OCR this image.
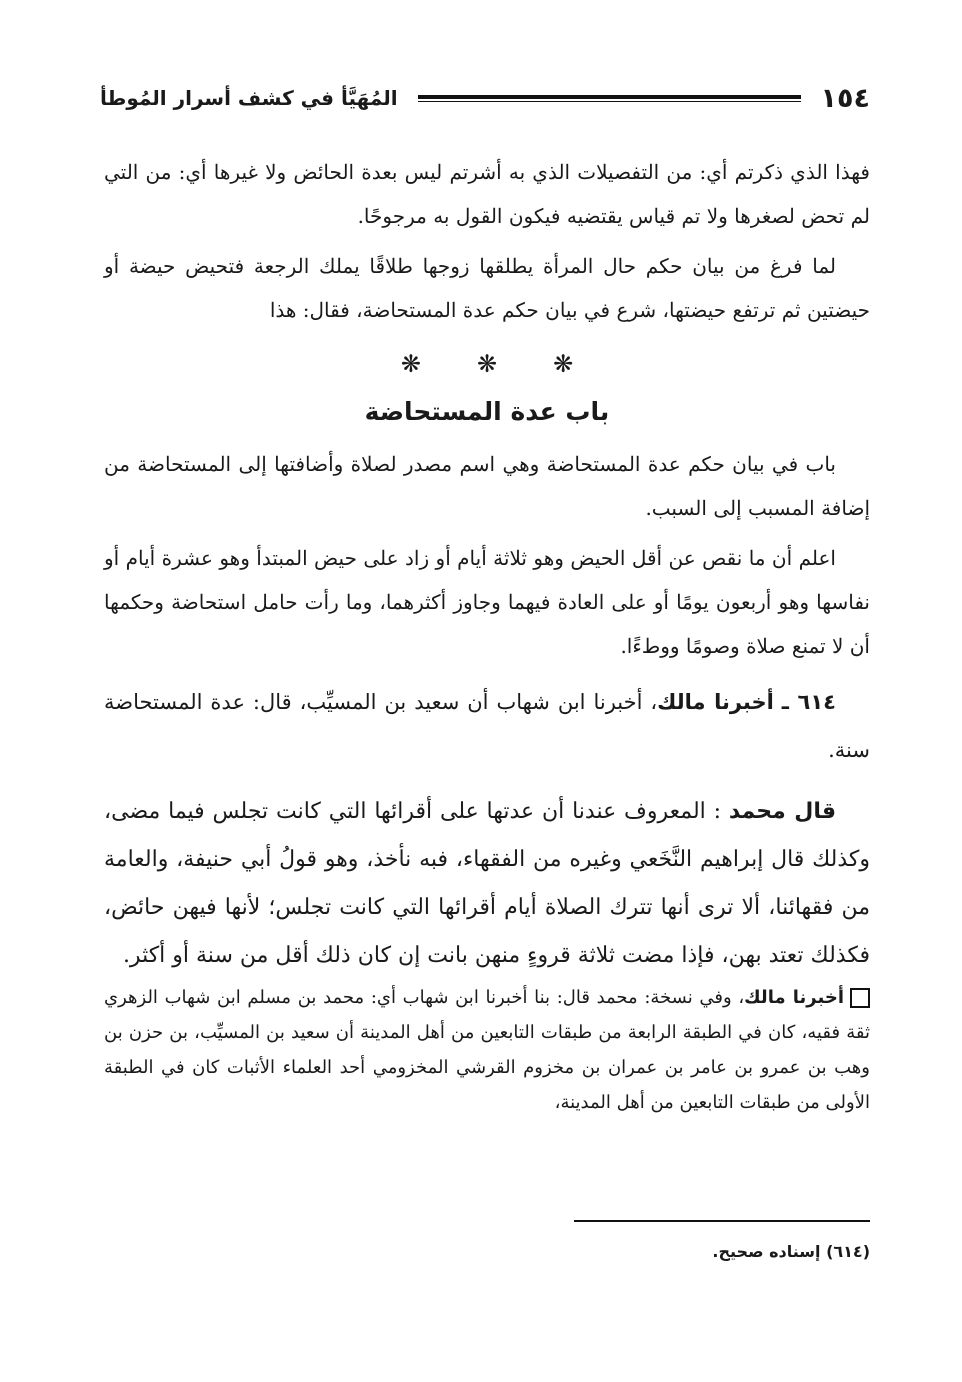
١٥٤
المُهَيَّأ في كشف أسرار المُوطأ

فهذا الذي ذكرتم أي: من التفصيلات الذي به أشرتم ليس بعدة الحائض ولا غيرها أي: من التي لم تحض لصغرها ولا تم قياس يقتضيه فيكون القول به مرجوحًا.

لما فرغ من بيان حكم حال المرأة يطلقها زوجها طلاقًا يملك الرجعة فتحيض حيضة أو حيضتين ثم ترتفع حيضتها، شرع في بيان حكم عدة المستحاضة، فقال: هذا

❋
❋
❋
باب عدة المستحاضة

باب في بيان حكم عدة المستحاضة وهي اسم مصدر لصلاة وأضافتها إلى المستحاضة من إضافة المسبب إلى السبب.

اعلم أن ما نقص عن أقل الحيض وهو ثلاثة أيام أو زاد على حيض المبتدأ وهو عشرة أيام أو نفاسها وهو أربعون يومًا أو على العادة فيهما وجاوز أكثرهما، وما رأت حامل استحاضة وحكمها أن لا تمنع صلاة وصومًا ووطءًا.

٦١٤ ـ أخبرنا مالك، أخبرنا ابن شهاب أن سعيد بن المسيِّب، قال: عدة المستحاضة سنة.

قال محمد : المعروف عندنا أن عدتها على أقرائها التي كانت تجلس فيما مضى، وكذلك قال إبراهيم النَّخَعي وغيره من الفقهاء، فبه نأخذ، وهو قولُ أبي حنيفة، والعامة من فقهائنا، ألا ترى أنها تترك الصلاة أيام أقرائها التي كانت تجلس؛ لأنها فيهن حائض، فكذلك تعتد بهن، فإذا مضت ثلاثة قروءٍ منهن بانت إن كان ذلك أقل من سنة أو أكثر.

أخبرنا مالك، وفي نسخة: محمد قال: بنا أخبرنا ابن شهاب أي: محمد بن مسلم ابن شهاب الزهري ثقة فقيه، كان في الطبقة الرابعة من طبقات التابعين من أهل المدينة أن سعيد بن المسيِّب، بن حزن بن وهب بن عمرو بن عامر بن عمران بن مخزوم القرشي المخزومي أحد العلماء الأثبات كان في الطبقة الأولى من طبقات التابعين من أهل المدينة،

(٦١٤) إسناده صحيح.
